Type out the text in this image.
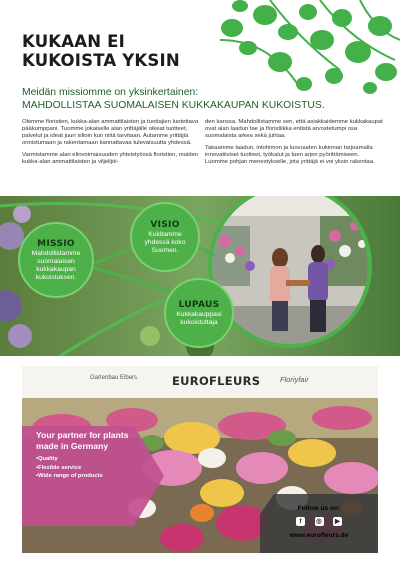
KUKAAN EI
KUKOISTA YKSIN
Meidän missiomme on yksinkertainen:
MAHDOLLISTAA SUOMALAISEN KUKKAKAUPAN KUKOISTUS.

Olemme floristien, kukka-alan ammattilaisten ja tuottajien luotettava pääkumppani. Tuomme jokaiselle alan yrittäjälle oikeat tuotteet, palvelut ja ideat juuri silloin kun niitä tarvitaan. Autamme yrittäjiä onnistumaan ja rakentamaan kannattavaa tulevaisuutta yhdessä.

Varmistamme alan elinvoimaisuuden yhteistyössä floristien, muiden kukka-alan ammattilaisten ja viljelijöi-

den kanssa. Mahdollistamme sen, että asiakkaidemme kukkakaupat ovat alan laadun tae ja floristiikka entistä arvostetumpi osa suomalaista arkea sekä juhlaa.

Takaamme laadun, intohimon ja luovuuden kukinnan tarjoamalla innovatiiviset tuotteet, työkalut ja tuen arjen pyörittämiseen. Luomme pohjan menestykselle, jota yrittäjä ei voi yksin rakentaa.

MISSIO
Mahdollistamme suomalaisen kukkakaupan kukoistuksen.
VISIO
Kukitamme yhdessä koko Suomen.
LUPAUS
Kukkakauppasi kukoistuttaja
Gartenbau Elbers	EUROFLEURS	Floriyfair
Your partner for plants made in Germany
• Quality
• Flexible service
• Wide range of products
Follow us on:
f	◎	▶
www.eurofleurs.de
